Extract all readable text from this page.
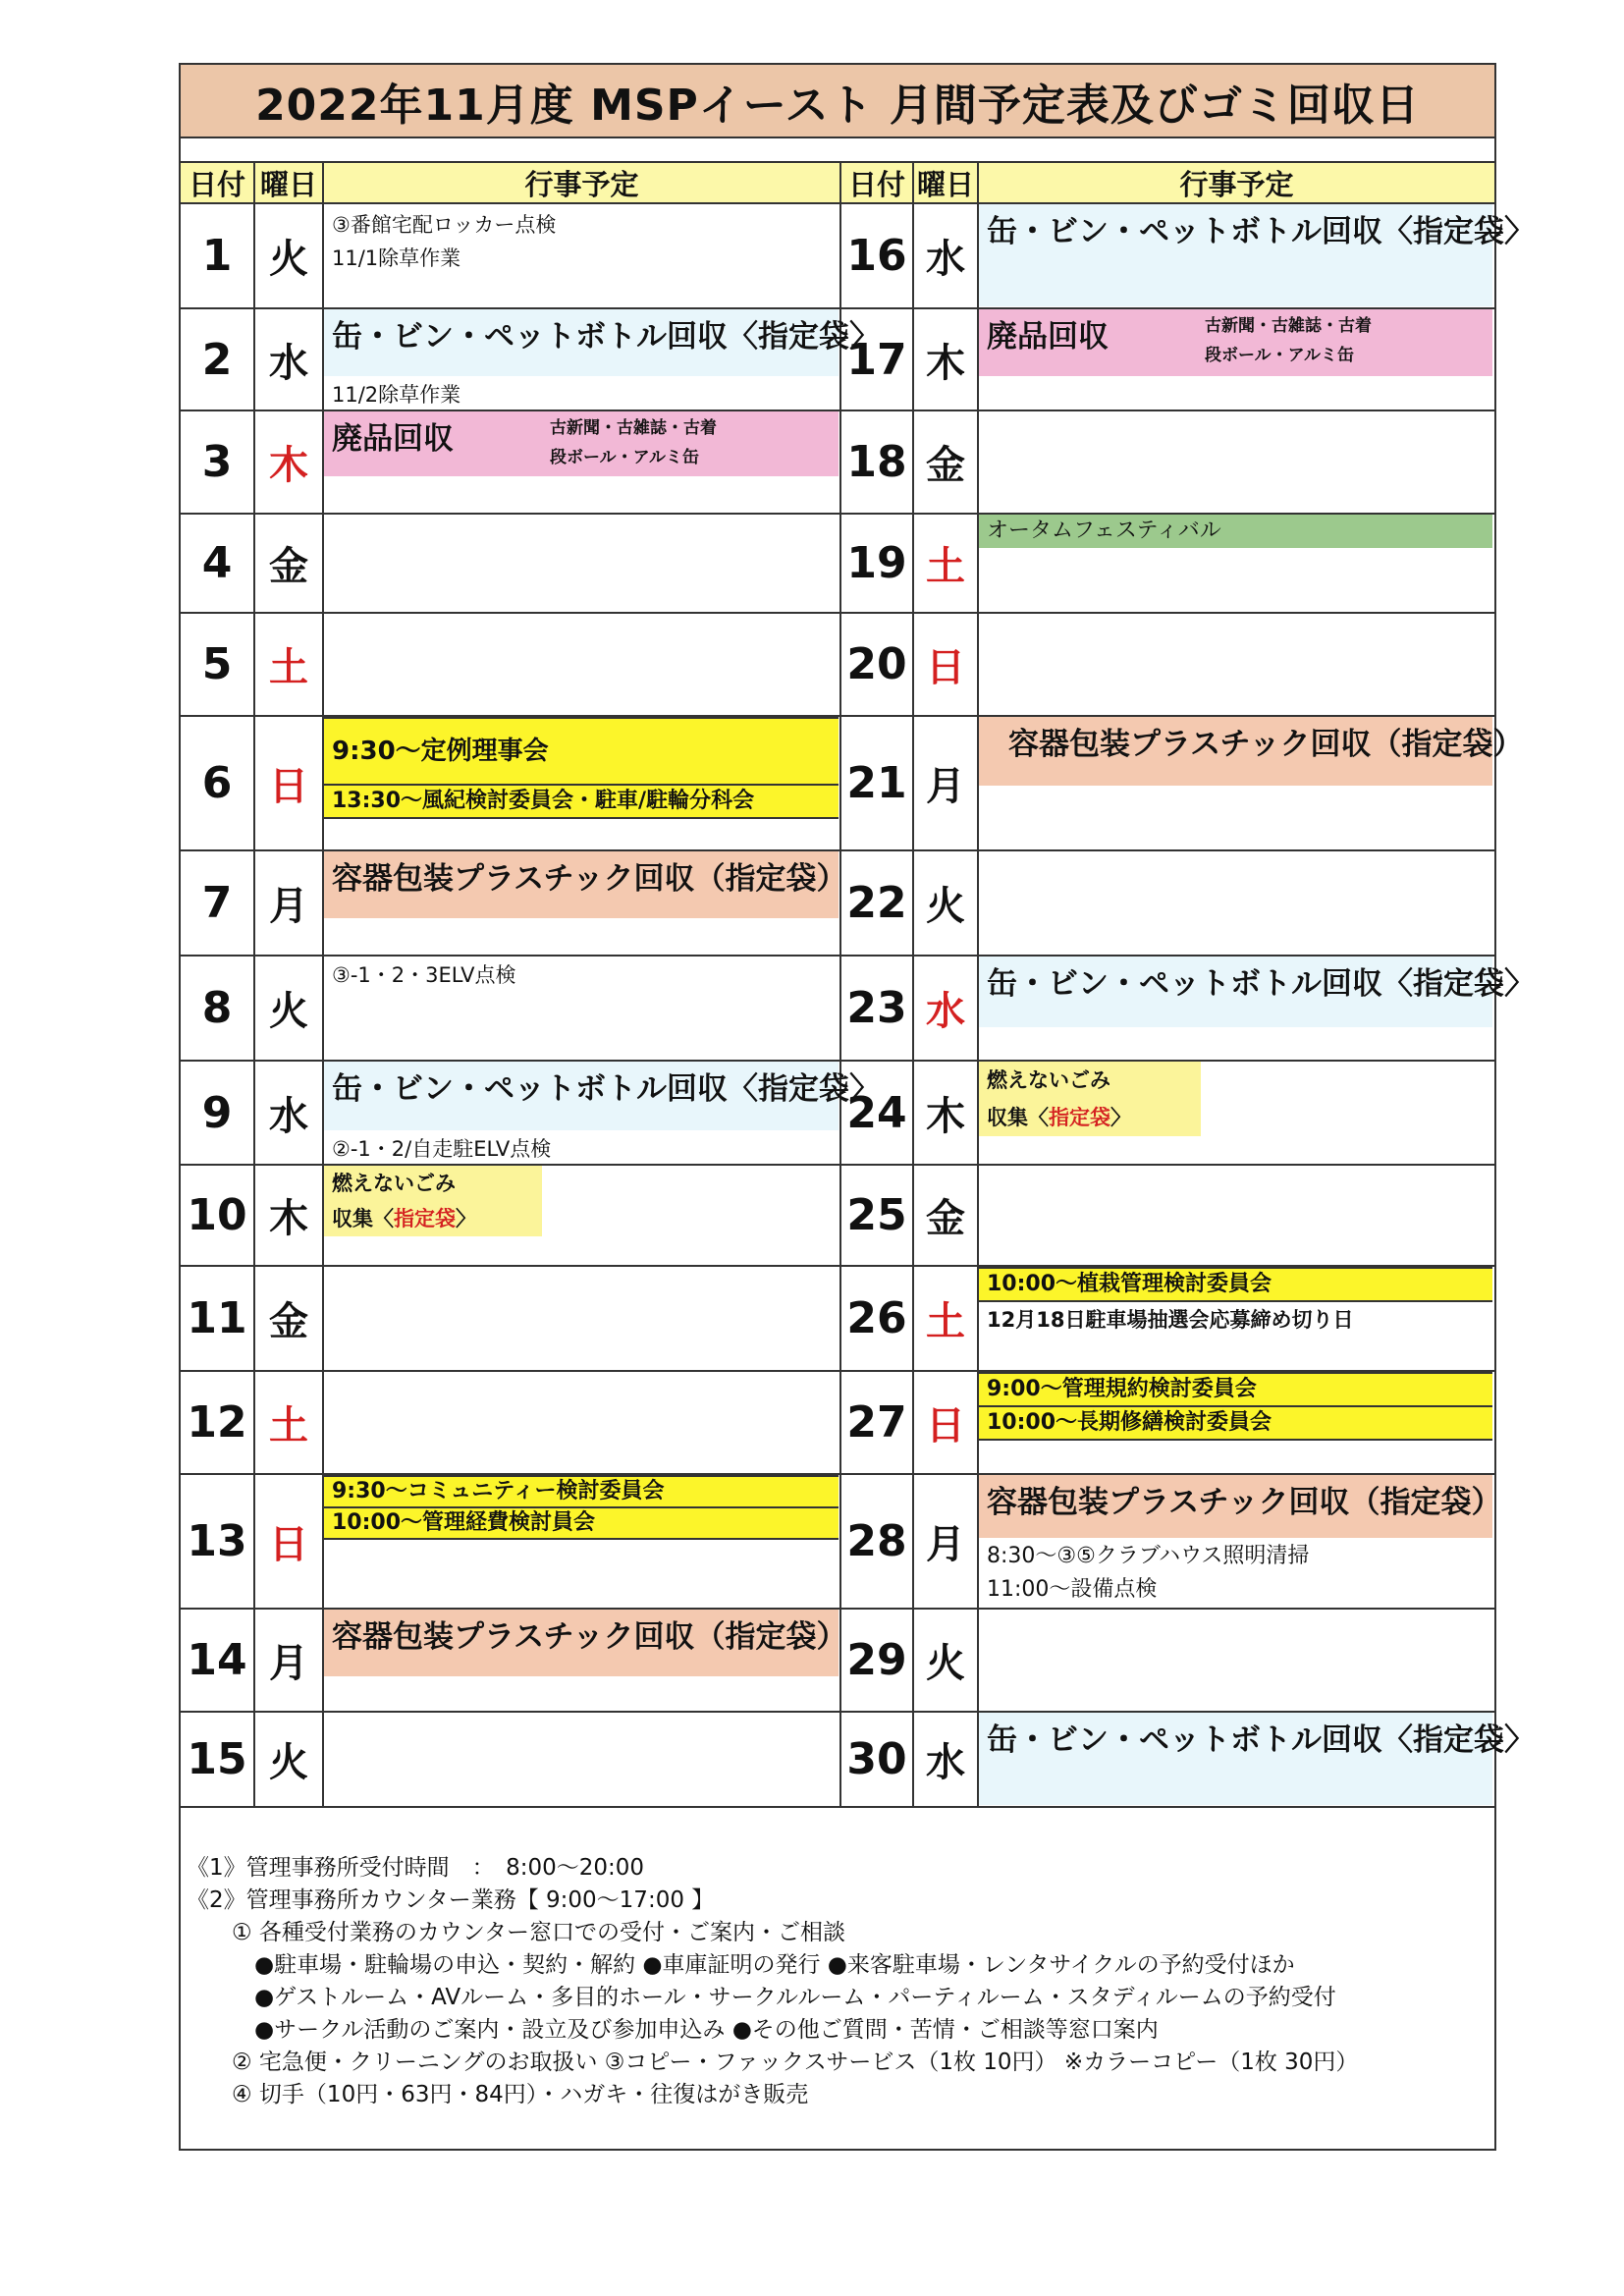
2022年11月度 MSPイースト 月間予定表及びゴミ回収日
日付 曜日	行事予定
1 火
③番館宅配ロッカー点検
11/1除草作業
2 水
缶・ビン・ペットボトル回収〈指定袋〉
11/2除草作業
3 木
廃品回収	古新聞・古雑誌・古着
段ボール・アルミ缶
4 金
5 土
6 日
9:30～定例理事会
13:30～風紀検討委員会・駐車/駐輪分科会
7 月
容器包装プラスチック回収（指定袋）
8 火
③‐1・2・3ELV点検
9 水
缶・ビン・ペットボトル回収〈指定袋〉
②‐1・2/自走駐ELV点検
10 木
燃えないごみ
収集〈指定袋〉
11 金
12 土
13 日
9:30～コミュニティー検討委員会
10:00～管理経費検討員会
14 月
容器包装プラスチック回収（指定袋）
15 火
日付 曜日	行事予定
16 水
缶・ビン・ペットボトル回収〈指定袋〉
17 木
廃品回収	古新聞・古雑誌・古着
段ボール・アルミ缶
18 金
19 土
オータムフェスティバル
20 日
21 月
容器包装プラスチック回収（指定袋）
22 火
23 水
缶・ビン・ペットボトル回収〈指定袋〉
24 木
燃えないごみ
収集〈指定袋〉
25 金
26 土
10:00～植栽管理検討委員会
12月18日駐車場抽選会応募締め切り日
27 日
9:00～管理規約検討委員会
10:00～長期修繕検討委員会
28 月
容器包装プラスチック回収（指定袋）
8:30～③⑤クラブハウス照明清掃
11:00～設備点検
29 火
30 水 缶・ビン・ペットボトル回収〈指定袋〉
《1》管理事務所受付時間　：　8:00～20:00
《2》管理事務所カウンター業務【 9:00～17:00 】
　　① 各種受付業務のカウンター窓口での受付・ご案内・ご相談
　　　●駐車場・駐輪場の申込・契約・解約 ●車庫証明の発行 ●来客駐車場・レンタサイクルの予約受付ほか
　　　●ゲストルーム・AVルーム・多目的ホール・サークルルーム・パーティルーム・スタディルームの予約受付
　　　●サークル活動のご案内・設立及び参加申込み ●その他ご質問・苦情・ご相談等窓口案内
　　② 宅急便・クリーニングのお取扱い ③コピー・ファックスサービス（1枚 10円） ※カラーコピー（1枚 30円）
　　④ 切手（10円・63円・84円）・ハガキ・往復はがき販売
